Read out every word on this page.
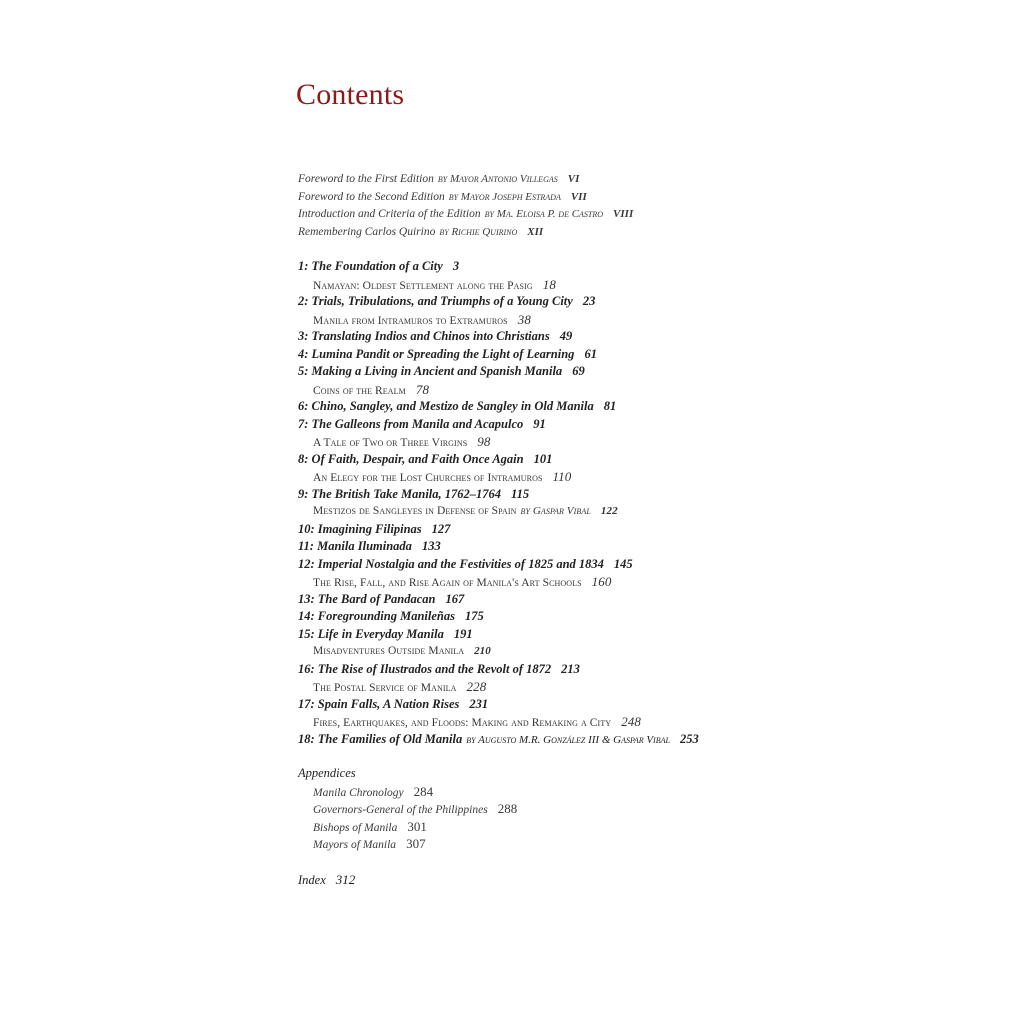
Contents
Foreword to the First Edition by Mayor Antonio Villegas VI
Foreword to the Second Edition by Mayor Joseph Estrada VII
Introduction and Criteria of the Edition by Ma. Eloisa P. de Castro VIII
Remembering Carlos Quirino by Richie Quirino XII
1: The Foundation of a City 3
Namayan: Oldest Settlement along the Pasig 18
2: Trials, Tribulations, and Triumphs of a Young City 23
Manila from Intramuros to Extramuros 38
3: Translating Indios and Chinos into Christians 49
4: Lumina Pandit or Spreading the Light of Learning 61
5: Making a Living in Ancient and Spanish Manila 69
Coins of the Realm 78
6: Chino, Sangley, and Mestizo de Sangley in Old Manila 81
7: The Galleons from Manila and Acapulco 91
A Tale of Two or Three Virgins 98
8: Of Faith, Despair, and Faith Once Again 101
An Elegy for the Lost Churches of Intramuros 110
9: The British Take Manila, 1762–1764 115
Mestizos de Sangleyes in Defense of Spain by Gaspar Vibal 122
10: Imagining Filipinas 127
11: Manila Iluminada 133
12: Imperial Nostalgia and the Festivities of 1825 and 1834 145
The Rise, Fall, and Rise Again of Manila's Art Schools 160
13: The Bard of Pandacan 167
14: Foregrounding Manileñas 175
15: Life in Everyday Manila 191
Misadventures Outside Manila 210
16: The Rise of Ilustrados and the Revolt of 1872 213
The Postal Service of Manila 228
17: Spain Falls, A Nation Rises 231
Fires, Earthquakes, and Floods: Making and Remaking a City 248
18: The Families of Old Manila by Augusto M.R. González III & Gaspar Vibal 253
Appendices
Manila Chronology 284
Governors-General of the Philippines 288
Bishops of Manila 301
Mayors of Manila 307
Index 312
